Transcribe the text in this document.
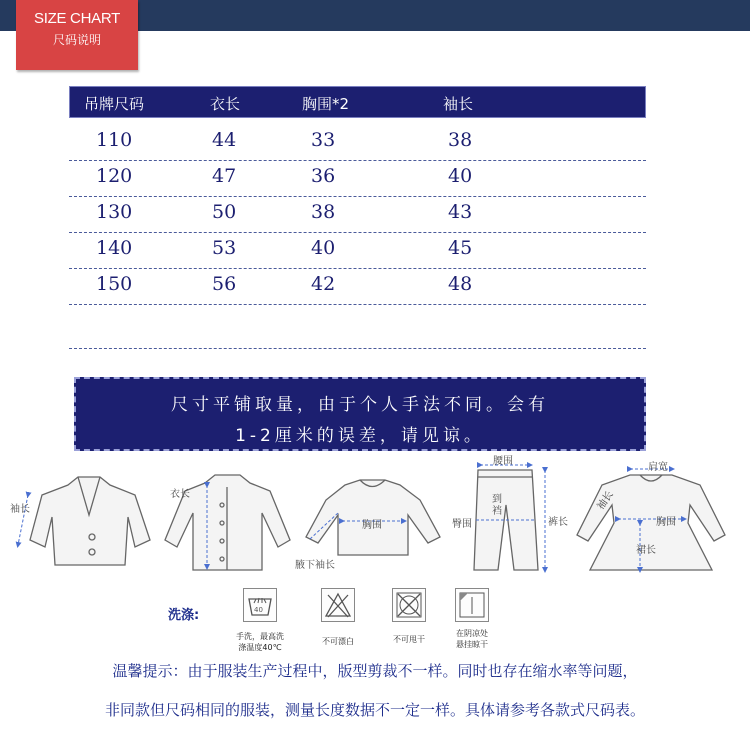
SIZE CHART
尺码说明
吊牌尺码	衣长	胸围*2	袖长
110	44	33	38
120	47	36	40
130	50	38	43
140	53	40	45
150	56	42	48
尺寸平铺取量，由于个人手法不同。会有
1-2厘米的误差，请见谅。
袖长
衣长
胸围
腋下袖长
腰围
到裆
臀围	裤长
肩宽
袖长
胸围
裙长
洗涤:	40
手洗，最高洗
涤温度40℃
不可漂白	不可甩干
在阴凉处
悬挂晾干
温馨提示：由于服装生产过程中，版型剪裁不一样。同时也存在缩水率等问题，
非同款但尺码相同的服装，测量长度数据不一定一样。具体请参考各款式尺码表。
